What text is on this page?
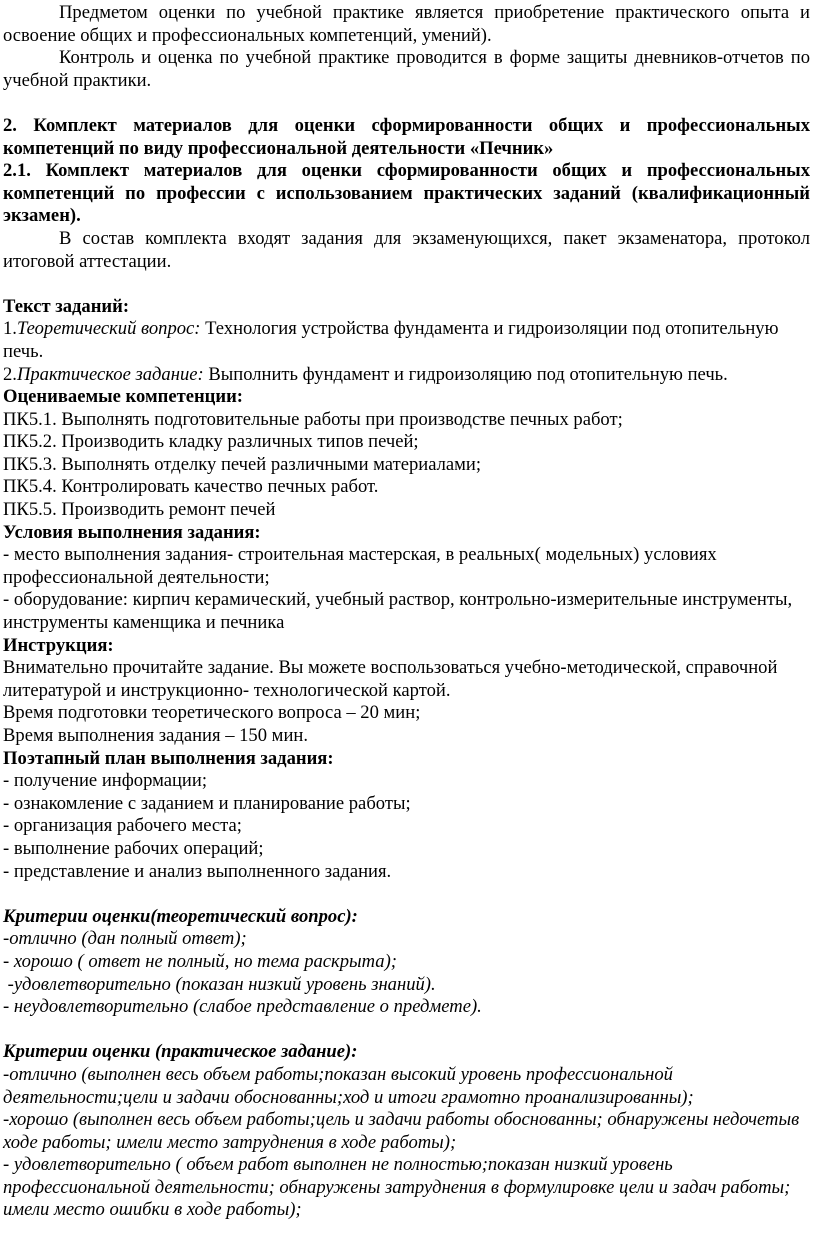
Предметом оценки по учебной практике является приобретение практического опыта и освоение общих и профессиональных компетенций, умений).

Контроль и оценка по учебной практике проводится в форме защиты дневников-отчетов по учебной практики.

2. Комплект материалов для оценки сформированности общих и профессиональных компетенций по виду профессиональной деятельности «Печник»

2.1. Комплект материалов для оценки сформированности общих и профессиональных компетенций по профессии с использованием практических заданий (квалификационный экзамен).

В состав комплекта входят задания для экзаменующихся, пакет экзаменатора, протокол итоговой аттестации.

Текст заданий:

1.Теоретический вопрос: Технология устройства фундамента и гидроизоляции под отопительную печь.

2.Практическое задание: Выполнить фундамент и гидроизоляцию под отопительную печь.

Оцениваемые компетенции:

ПК5.1. Выполнять подготовительные работы при производстве печных работ;

ПК5.2. Производить кладку различных типов печей;

ПК5.3. Выполнять отделку печей различными материалами;

ПК5.4. Контролировать качество печных работ.

ПК5.5. Производить ремонт печей

Условия выполнения задания:

- место выполнения задания- строительная мастерская, в реальных( модельных) условиях профессиональной деятельности;

- оборудование: кирпич керамический, учебный раствор, контрольно-измерительные инструменты, инструменты каменщика и печника

Инструкция:

Внимательно прочитайте задание. Вы можете воспользоваться учебно-методической, справочной литературой и инструкционно- технологической картой.

Время подготовки теоретического вопроса – 20 мин;

Время выполнения задания – 150 мин.

Поэтапный план выполнения задания:

- получение информации;

- ознакомление с заданием и планирование работы;

- организация рабочего места;

- выполнение рабочих операций;

- представление и анализ выполненного задания.

Критерии оценки(теоретический вопрос):

-отлично (дан полный ответ);

- хорошо ( ответ не полный, но тема раскрыта);

-удовлетворительно (показан низкий уровень знаний).

- неудовлетворительно (слабое представление о предмете).

Критерии оценки (практическое задание):

-отлично (выполнен весь объем работы;показан высокий уровень профессиональной деятельности;цели и задачи обоснованны;ход и итоги грамотно проанализированны);

-хорошо (выполнен весь объем работы;цель и задачи работы обоснованны; обнаружены недочетыв ходе работы; имели место затруднения в ходе работы);

- удовлетворительно ( объем работ выполнен не полностью;показан низкий уровень профессиональной деятельности; обнаружены затруднения в формулировке цели и задач работы; имели место ошибки в ходе работы);
